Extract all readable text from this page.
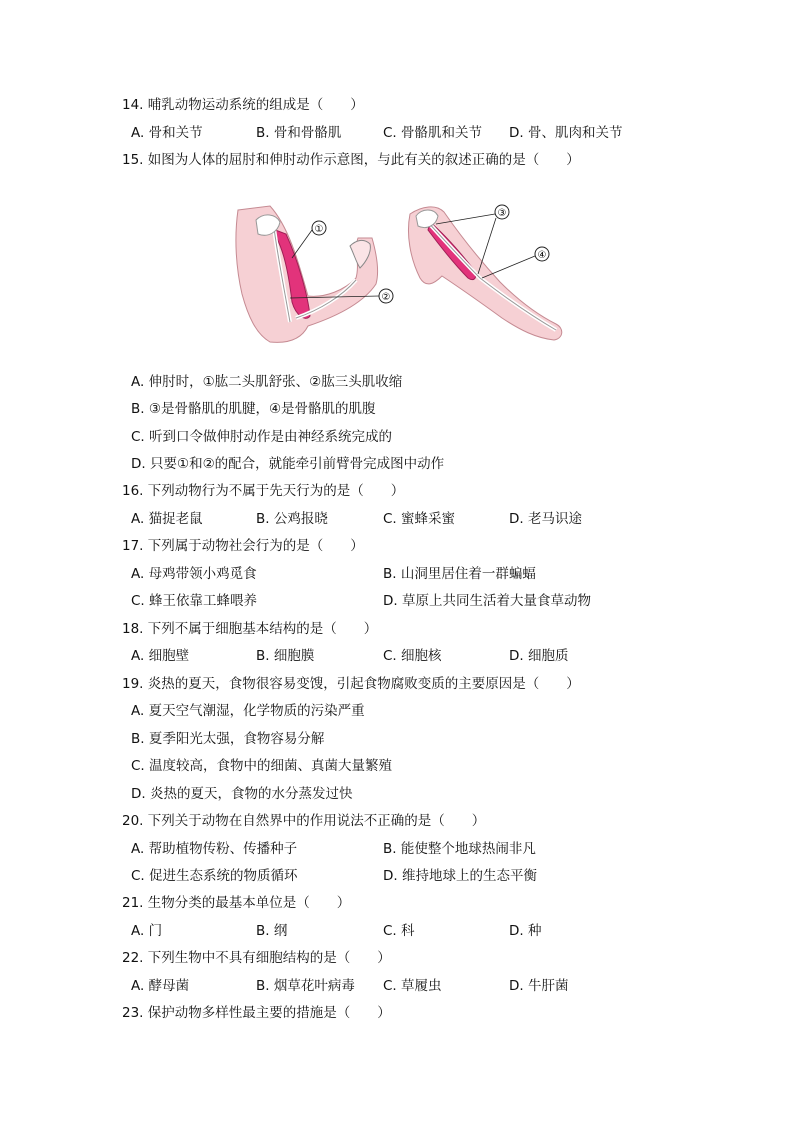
14. 哺乳动物运动系统的组成是（　　）
A. 骨和关节	B. 骨和骨骼肌	C. 骨骼肌和关节 D. 骨、肌肉和关节
15. 如图为人体的屈肘和伸肘动作示意图，与此有关的叙述正确的是（　　）
①
②
③
④
A. 伸肘时，①肱二头肌舒张、②肱三头肌收缩
B. ③是骨骼肌的肌腱，④是骨骼肌的肌腹
C. 听到口令做伸肘动作是由神经系统完成的
D. 只要①和②的配合，就能牵引前臂骨完成图中动作
16. 下列动物行为不属于先天行为的是（　　）
A. 猫捉老鼠	B. 公鸡报晓	C. 蜜蜂采蜜	D. 老马识途
17. 下列属于动物社会行为的是（　　）
A. 母鸡带领小鸡觅食	B. 山洞里居住着一群蝙蝠
C. 蜂王依靠工蜂喂养	D. 草原上共同生活着大量食草动物
18. 下列不属于细胞基本结构的是（　　）
A. 细胞壁	B. 细胞膜	C. 细胞核	D. 细胞质
19. 炎热的夏天，食物很容易变馊，引起食物腐败变质的主要原因是（　　）
A. 夏天空气潮湿，化学物质的污染严重
B. 夏季阳光太强，食物容易分解
C. 温度较高，食物中的细菌、真菌大量繁殖
D. 炎热的夏天，食物的水分蒸发过快
20. 下列关于动物在自然界中的作用说法不正确的是（　　）
A. 帮助植物传粉、传播种子	B. 能使整个地球热闹非凡
C. 促进生态系统的物质循环	D. 维持地球上的生态平衡
21. 生物分类的最基本单位是（　　）
A. 门	B. 纲	C. 科	D. 种
22. 下列生物中不具有细胞结构的是（　　）
A. 酵母菌	B. 烟草花叶病毒 C. 草履虫	D. 牛肝菌
23. 保护动物多样性最主要的措施是（　　）
